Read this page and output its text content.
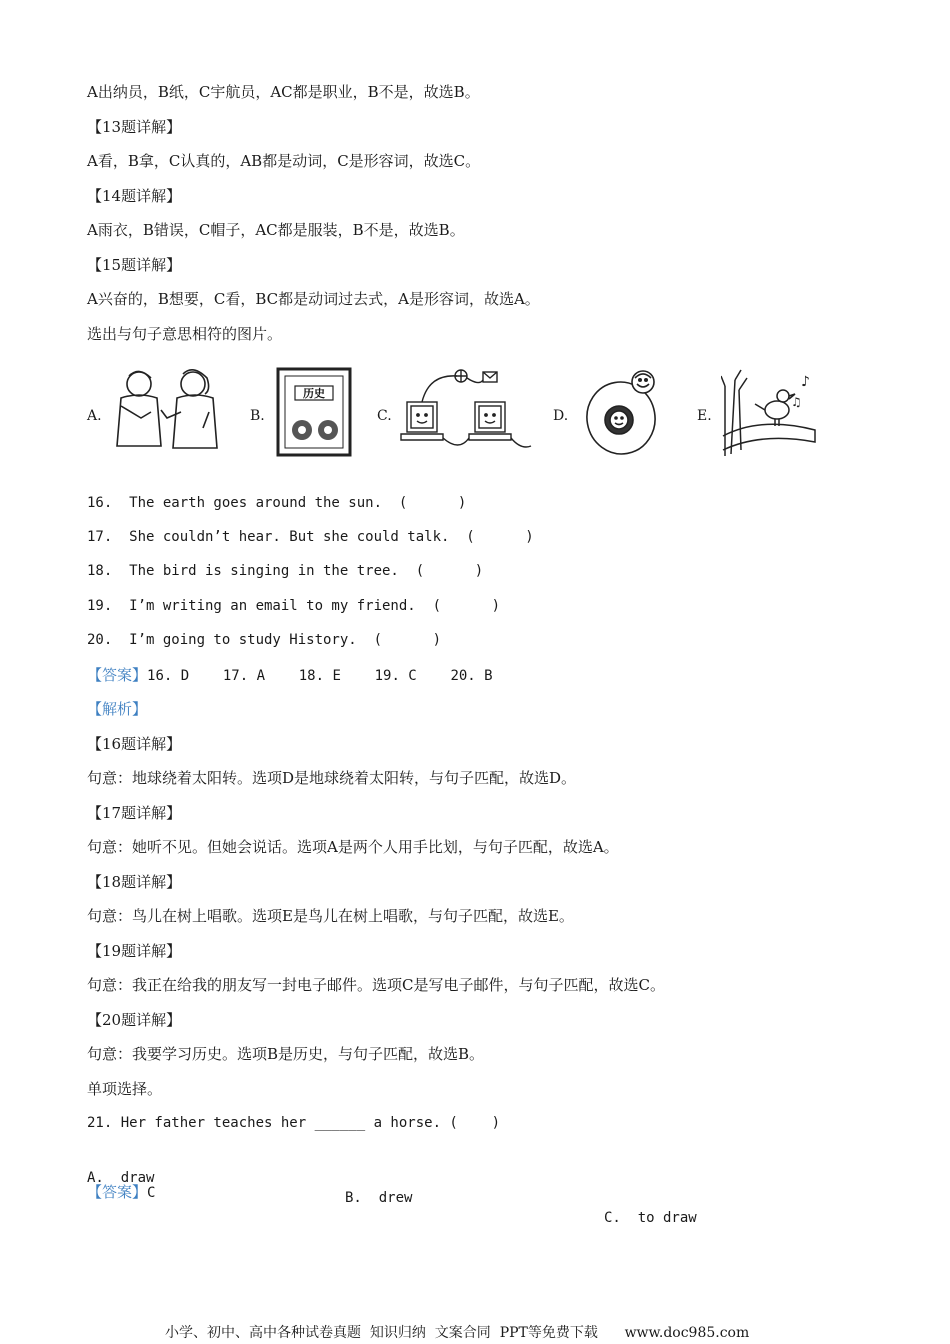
A出纳员，B纸，C宇航员，AC都是职业，B不是，故选B。
【13题详解】
A看，B拿，C认真的，AB都是动词，C是形容词，故选C。
【14题详解】
A雨衣，B错误，C帽子，AC都是服装，B不是，故选B。
【15题详解】
A兴奋的，B想要，C看，BC都是动词过去式，A是形容词，故选A。
选出与句子意思相符的图片。
A.	B.
历史
C.	D.	E.
♪
♫
16.  The earth goes around the sun.  (      )
17.  She couldn’t hear. But she could talk.  (      )
18.  The bird is singing in the tree.  (      )
19.  I’m writing an email to my friend.  (      )
20.  I’m going to study History.  (      )
【答案】16. D    17. A    18. E    19. C    20. B
【解析】
【16题详解】
句意：地球绕着太阳转。选项D是地球绕着太阳转，与句子匹配，故选D。
【17题详解】
句意：她听不见。但她会说话。选项A是两个人用手比划，与句子匹配，故选A。
【18题详解】
句意：鸟儿在树上唱歌。选项E是鸟儿在树上唱歌，与句子匹配，故选E。
【19题详解】
句意：我正在给我的朋友写一封电子邮件。选项C是写电子邮件，与句子匹配，故选C。
【20题详解】
句意：我要学习历史。选项B是历史，与句子匹配，故选B。
单项选择。
21. Her father teaches her ______ a horse. (    )

A.  draw

B.  drew

C.  to draw

【答案】C
小学、初中、高中各种试卷真题  知识归纳  文案合同  PPT等免费下载      www.doc985.com
